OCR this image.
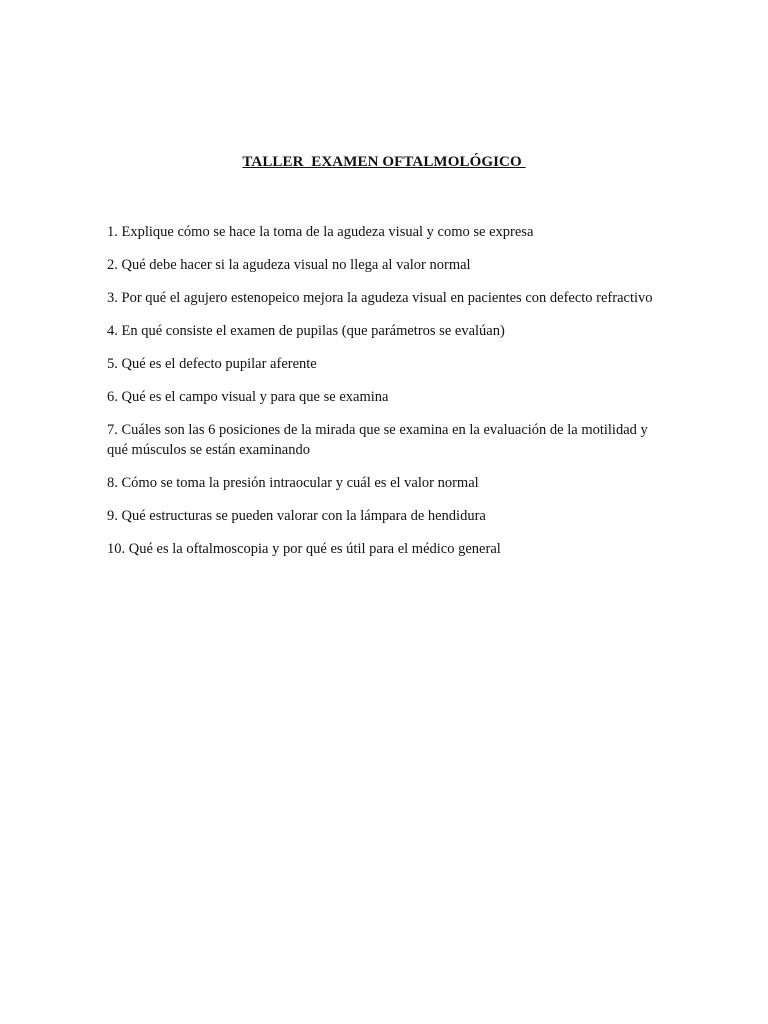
TALLER  EXAMEN OFTALMOLÓGICO
1. Explique cómo se hace la toma de la agudeza visual y como se expresa
2. Qué debe hacer si la agudeza visual no llega al valor normal
3. Por qué el agujero estenopeico mejora la agudeza visual en pacientes con defecto refractivo
4. En qué consiste el examen de pupilas (que parámetros se evalúan)
5. Qué es el defecto pupilar aferente
6. Qué es el campo visual y para que se examina
7. Cuáles son las 6 posiciones de la mirada que se examina en la evaluación de la motilidad y qué músculos se están examinando
8. Cómo se toma la presión intraocular y cuál es el valor normal
9. Qué estructuras se pueden valorar con la lámpara de hendidura
10. Qué es la oftalmoscopia y por qué es útil para el médico general
